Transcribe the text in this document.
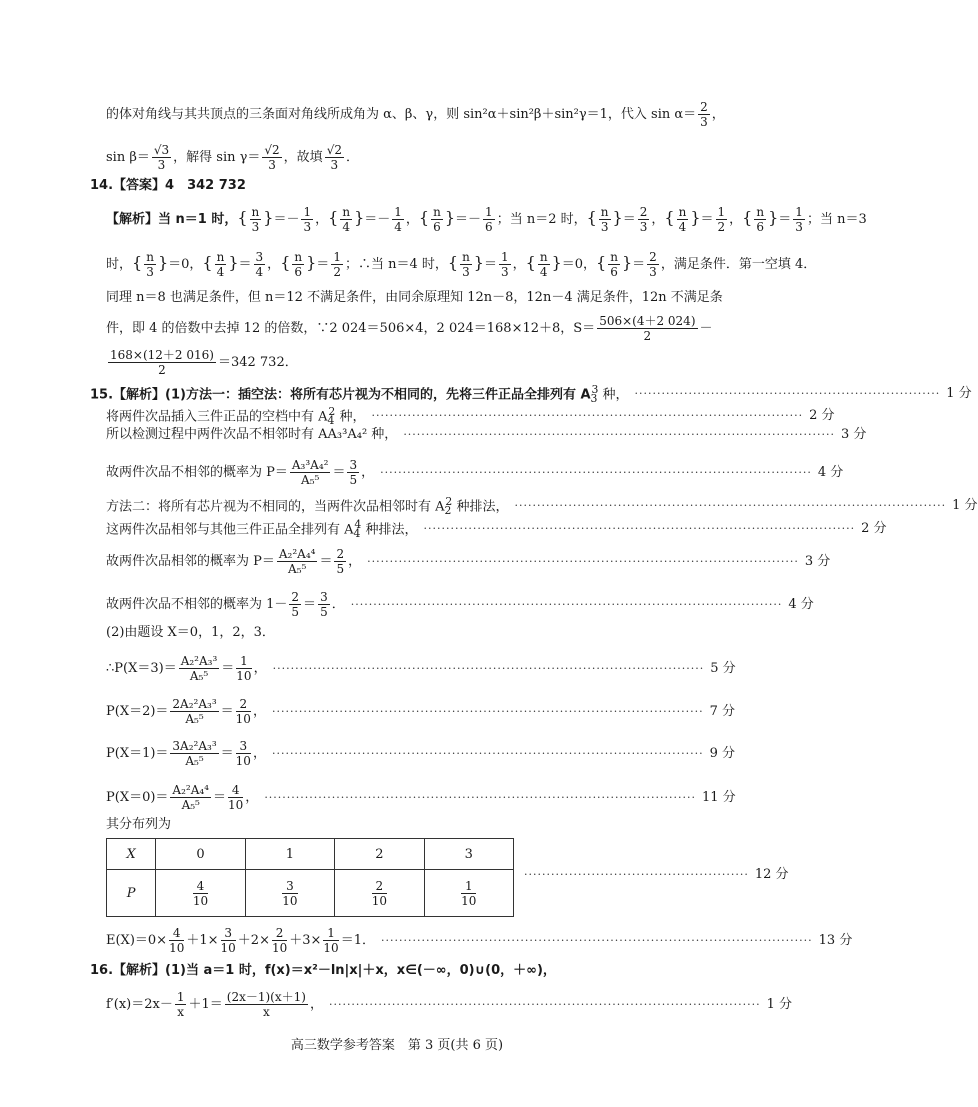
的体对角线与其共顶点的三条面对角线所成角为 α、β、γ，则 sin²α＋sin²β＋sin²γ＝1，代入 $\sin \alpha= \frac{2}{3}$ ，
$\sin \beta= \frac{√3}{3}$ ，解得 $\sin \gamma= \frac{√2}{3}$ ，故填 $\frac{√2}{3}$ ．
14.【答案】4　342 732
【解析】当 n＝1 时，{ $\frac{n}{3}$ }＝－ $\frac{1}{3}$ ，{ $\frac{n}{4}$ }＝－ $\frac{1}{4}$ ，{ $\frac{n}{6}$ }＝－ $\frac{1}{6}$ ；当 n＝2 时，{ $\frac{n}{3}$ }＝ $\frac{2}{3}$ ，{ $\frac{n}{4}$ }＝ $\frac{1}{2}$ ，{ $\frac{n}{6}$ }＝ $\frac{1}{3}$ ；当 n＝3
时，{ $\frac{n}{3} \}=0$，{ $\frac{n}{4}$ }＝ $\frac{3}{4}$ ，{ $\frac{n}{6}$ }＝ $\frac{1}{2}$ ；∴当 n＝4 时，{ $\frac{n}{3}$ }＝ $\frac{1}{3}$ ，{ $\frac{n}{4} \}=0$，{ $\frac{n}{6}$ }＝ $\frac{2}{3}$ ，满足条件．第一空填 4．
同理 n＝8 也满足条件，但 n＝12 不满足条件，由同余原理知 12n－8，12n－4 满足条件，12n 不满足条
件，即 4 的倍数中去掉 12 的倍数，∵2 024＝506×4，2 024＝168×12＋8，$S= \frac{506\times(4+2 024)}{2}$ －
$\frac{168\times(12+2 016)}{2} =342$ 732．
15.【解析】(1)方法一：插空法：将所有芯片视为不相同的，先将三件正品全排列有 $A_3^3$ 种， ···································································· 1 分
将两件次品插入三件正品的空档中有 $A_4^2$ 种， ································································································ 2 分
所以检测过程中两件次品不相邻时有 AA₃³A₄² 种， ································································································ 3 分
故两件次品不相邻的概率为 $P= \frac{\text{A₃³A₄²}}{\text{A₅⁵}} = \frac{3}{5}$ ， ································································································ 4 分
方法二：将所有芯片视为不相同的，当两件次品相邻时有 $A_2^2$ 种排法， ································································································ 1 分
这两件次品相邻与其他三件正品全排列有 $A_4^4$ 种排法， ································································································ 2 分
故两件次品相邻的概率为 $P= \frac{\text{A₂²A₄⁴}}{\text{A₅⁵}} = \frac{2}{5}$ ， ································································································ 3 分
故两件次品不相邻的概率为 $1- \frac{2}{5} = \frac{3}{5}$ ． ································································································ 4 分
(2)由题设 X＝0，1，2，3．
∴P(X＝3)＝ $\frac{\text{A₂²A₃³}}{\text{A₅⁵}} = \frac{1}{10}$ ， ································································································ 5 分
$P(X=2)= \frac{\text{2A₂²A₃³}}{\text{A₅⁵}} = \frac{2}{10}$ ， ································································································ 7 分
$P(X=1)= \frac{\text{3A₂²A₃³}}{\text{A₅⁵}} = \frac{3}{10}$ ， ································································································ 9 分
$P(X=0)= \frac{\text{A₂²A₄⁴}}{\text{A₅⁵}} = \frac{4}{10}$ ， ································································································ 11 分
其分布列为
X	0	1	2	3
P	$\frac{4}{10}$	$\frac{3}{10}$	$\frac{2}{10}$	$\frac{1}{10}$
·················································· 12 分
$E(X)=0\times \frac{4}{10} +1\times \frac{3}{10} +2\times \frac{2}{10} +3\times \frac{1}{10} =1$． ································································································ 13 分
16.【解析】(1)当 a＝1 时，f(x)＝x²－ln|x|＋x，x∈(－∞，0)∪(0，＋∞)，
$f'(x)=2x- \frac{1}{x} +1= \frac{(2x-1)(x+1)}{x}$ ， ································································································ 1 分
高三数学参考答案　第 3 页(共 6 页)
